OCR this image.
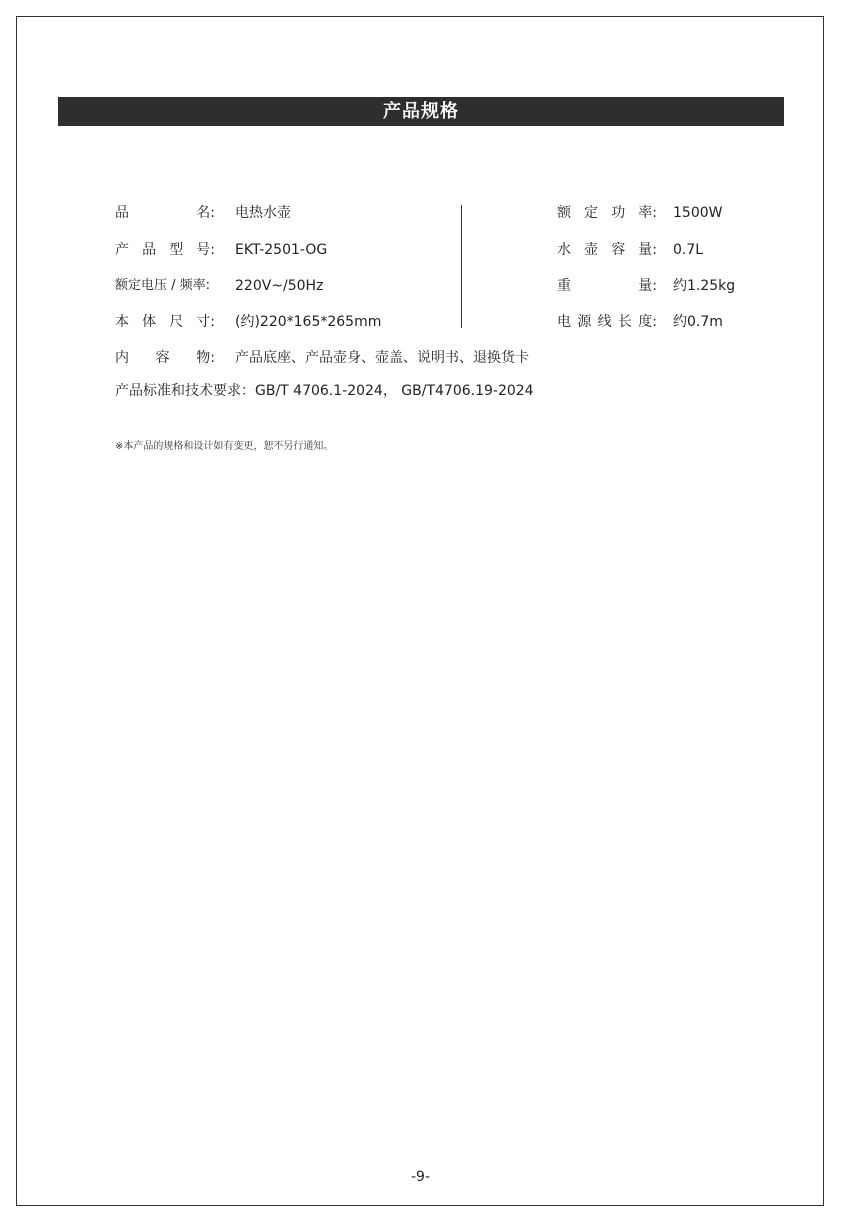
产品规格
品	名: 电热水壶
产 品 型 号: EKT-2501-OG
额定电压 / 频率: 220V~/50Hz
本 体 尺 寸: (约)220*165*265mm
额 定 功 率: 1500W
水 壶 容 量: 0.7L
重	量: 约1.25kg
电 源 线 长 度: 约0.7m
内 容 物: 产品底座、产品壶身、壶盖、说明书、退换货卡
产品标准和技术要求：GB/T 4706.1-2024， GB/T4706.19-2024
※本产品的规格和设计如有变更，恕不另行通知。
-9-
